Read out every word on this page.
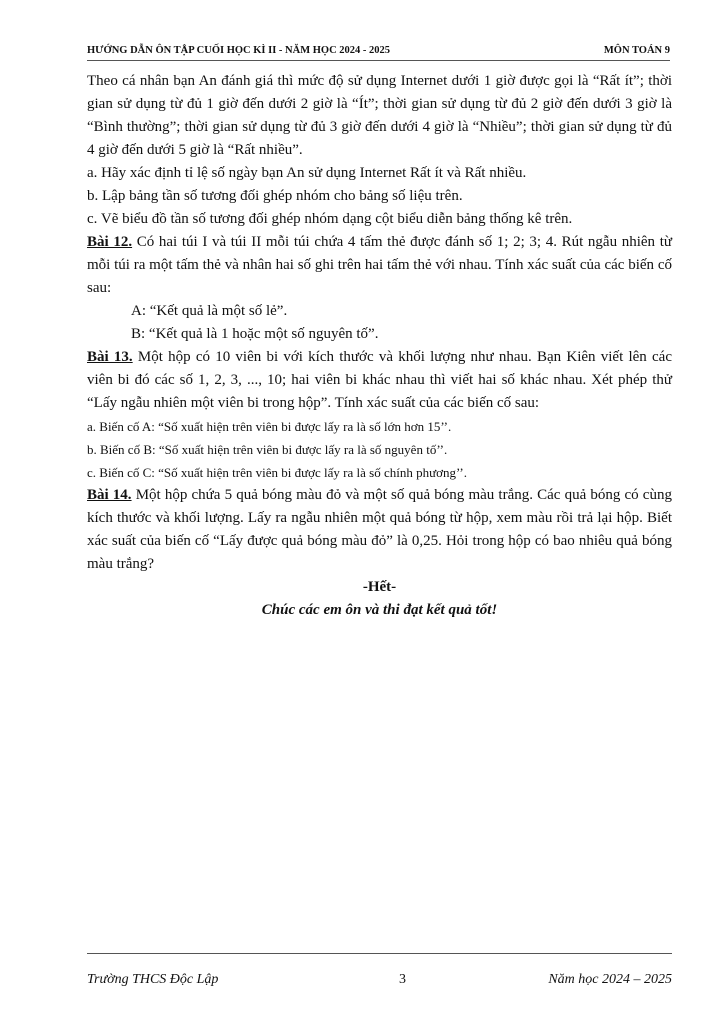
HƯỚNG DẪN ÔN TẬP CUỐI HỌC KÌ II - NĂM HỌC 2024 - 2025	MÔN TOÁN 9

Theo cá nhân bạn An đánh giá thì mức độ sử dụng Internet dưới 1 giờ được gọi là “Rất ít”; thời gian sử dụng từ đủ 1 giờ đến dưới 2 giờ là “Ít”; thời gian sử dụng từ đủ 2 giờ đến dưới 3 giờ là “Bình thường”; thời gian sử dụng từ đủ 3 giờ đến dưới 4 giờ là “Nhiều”; thời gian sử dụng từ đủ 4 giờ đến dưới 5 giờ là “Rất nhiều”.

a. Hãy xác định tỉ lệ số ngày bạn An sử dụng Internet Rất ít và Rất nhiều.

b. Lập bảng tần số tương đối ghép nhóm cho bảng số liệu trên.

c. Vẽ biểu đồ tần số tương đối ghép nhóm dạng cột biểu diễn bảng thống kê trên.

Bài 12. Có hai túi I và túi II mỗi túi chứa 4 tấm thẻ được đánh số 1; 2; 3; 4. Rút ngẫu nhiên từ mỗi túi ra một tấm thẻ và nhân hai số ghi trên hai tấm thẻ với nhau. Tính xác suất của các biến cố sau:

A: “Kết quả là một số lẻ”.

B: “Kết quả là 1 hoặc một số nguyên tố”.

Bài 13. Một hộp có 10 viên bi với kích thước và khối lượng như nhau. Bạn Kiên viết lên các viên bi đó các số 1, 2, 3, ..., 10; hai viên bi khác nhau thì viết hai số khác nhau. Xét phép thử “Lấy ngẫu nhiên một viên bi trong hộp”. Tính xác suất của các biến cố sau:

a. Biến cố A: “Số xuất hiện trên viên bi được lấy ra là số lớn hơn 15’’.

b. Biến cố B: “Số xuất hiện trên viên bi được lấy ra là số nguyên tố’’.

c. Biến cố C: “Số xuất hiện trên viên bi được lấy ra là số chính phương’’.

Bài 14. Một hộp chứa 5 quả bóng màu đỏ và một số quả bóng màu trắng. Các quả bóng có cùng kích thước và khối lượng. Lấy ra ngẫu nhiên một quả bóng từ hộp, xem màu rồi trả lại hộp. Biết xác suất của biến cố “Lấy được quả bóng màu đỏ” là 0,25. Hỏi trong hộp có bao nhiêu quả bóng màu trắng?

-Hết-

Chúc các em ôn và thi đạt kết quả tốt!

Trường THCS Độc Lập	3	Năm học 2024 – 2025
